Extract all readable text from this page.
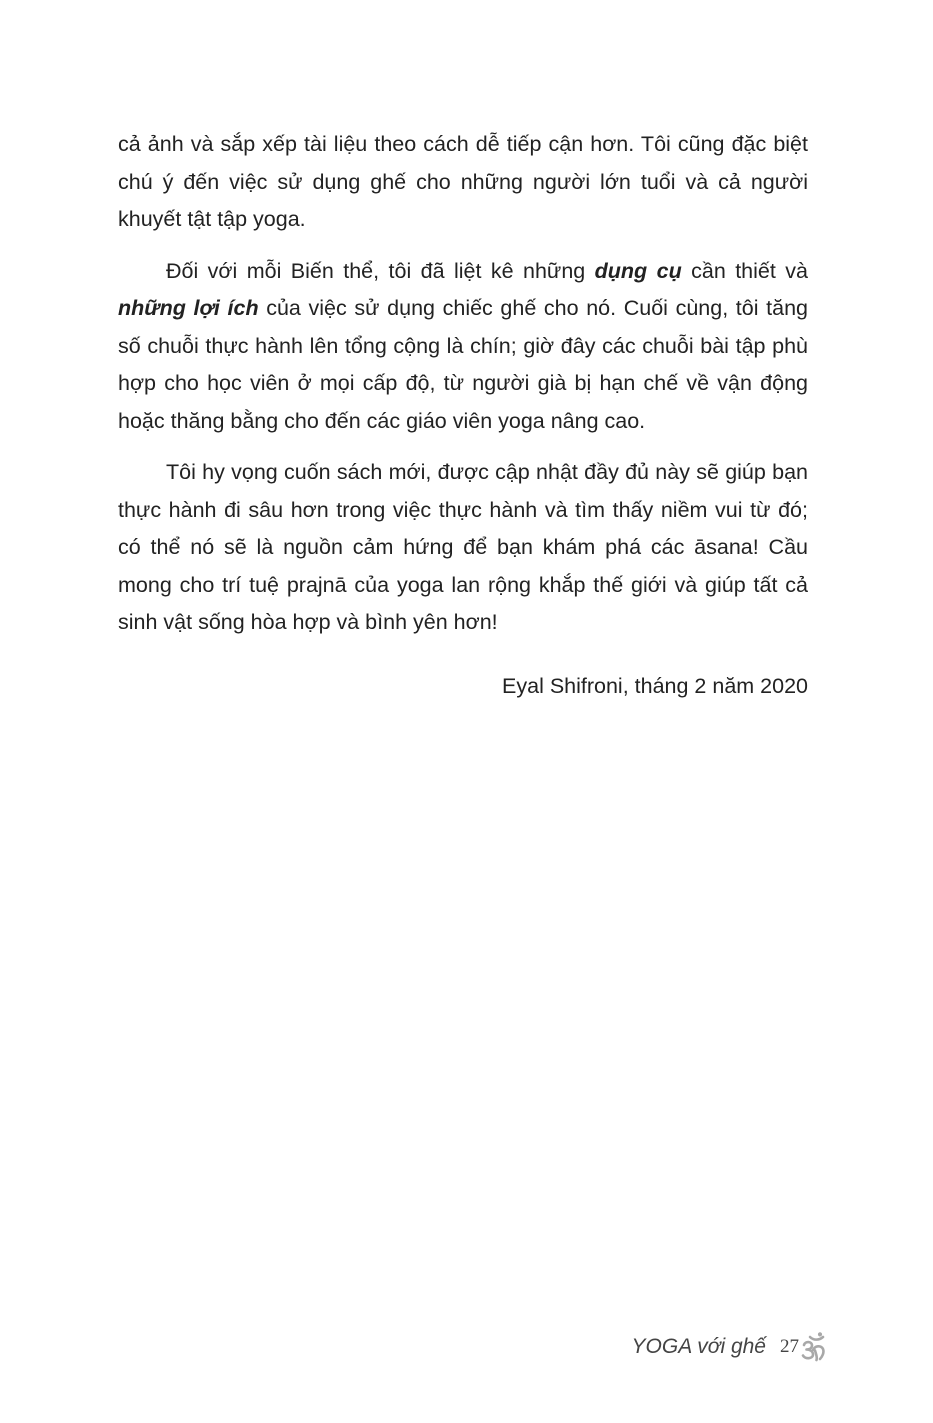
cả ảnh và sắp xếp tài liệu theo cách dễ tiếp cận hơn. Tôi cũng đặc biệt chú ý đến việc sử dụng ghế cho những người lớn tuổi và cả người khuyết tật tập yoga.

Đối với mỗi Biến thể, tôi đã liệt kê những dụng cụ cần thiết và những lợi ích của việc sử dụng chiếc ghế cho nó. Cuối cùng, tôi tăng số chuỗi thực hành lên tổng cộng là chín; giờ đây các chuỗi bài tập phù hợp cho học viên ở mọi cấp độ, từ người già bị hạn chế về vận động hoặc thăng bằng cho đến các giáo viên yoga nâng cao.

Tôi hy vọng cuốn sách mới, được cập nhật đầy đủ này sẽ giúp bạn thực hành đi sâu hơn trong việc thực hành và tìm thấy niềm vui từ đó; có thể nó sẽ là nguồn cảm hứng để bạn khám phá các āsana! Cầu mong cho trí tuệ prajnā của yoga lan rộng khắp thế giới và giúp tất cả sinh vật sống hòa hợp và bình yên hơn!

Eyal Shifroni, tháng 2 năm 2020
YOGA với ghế 27
